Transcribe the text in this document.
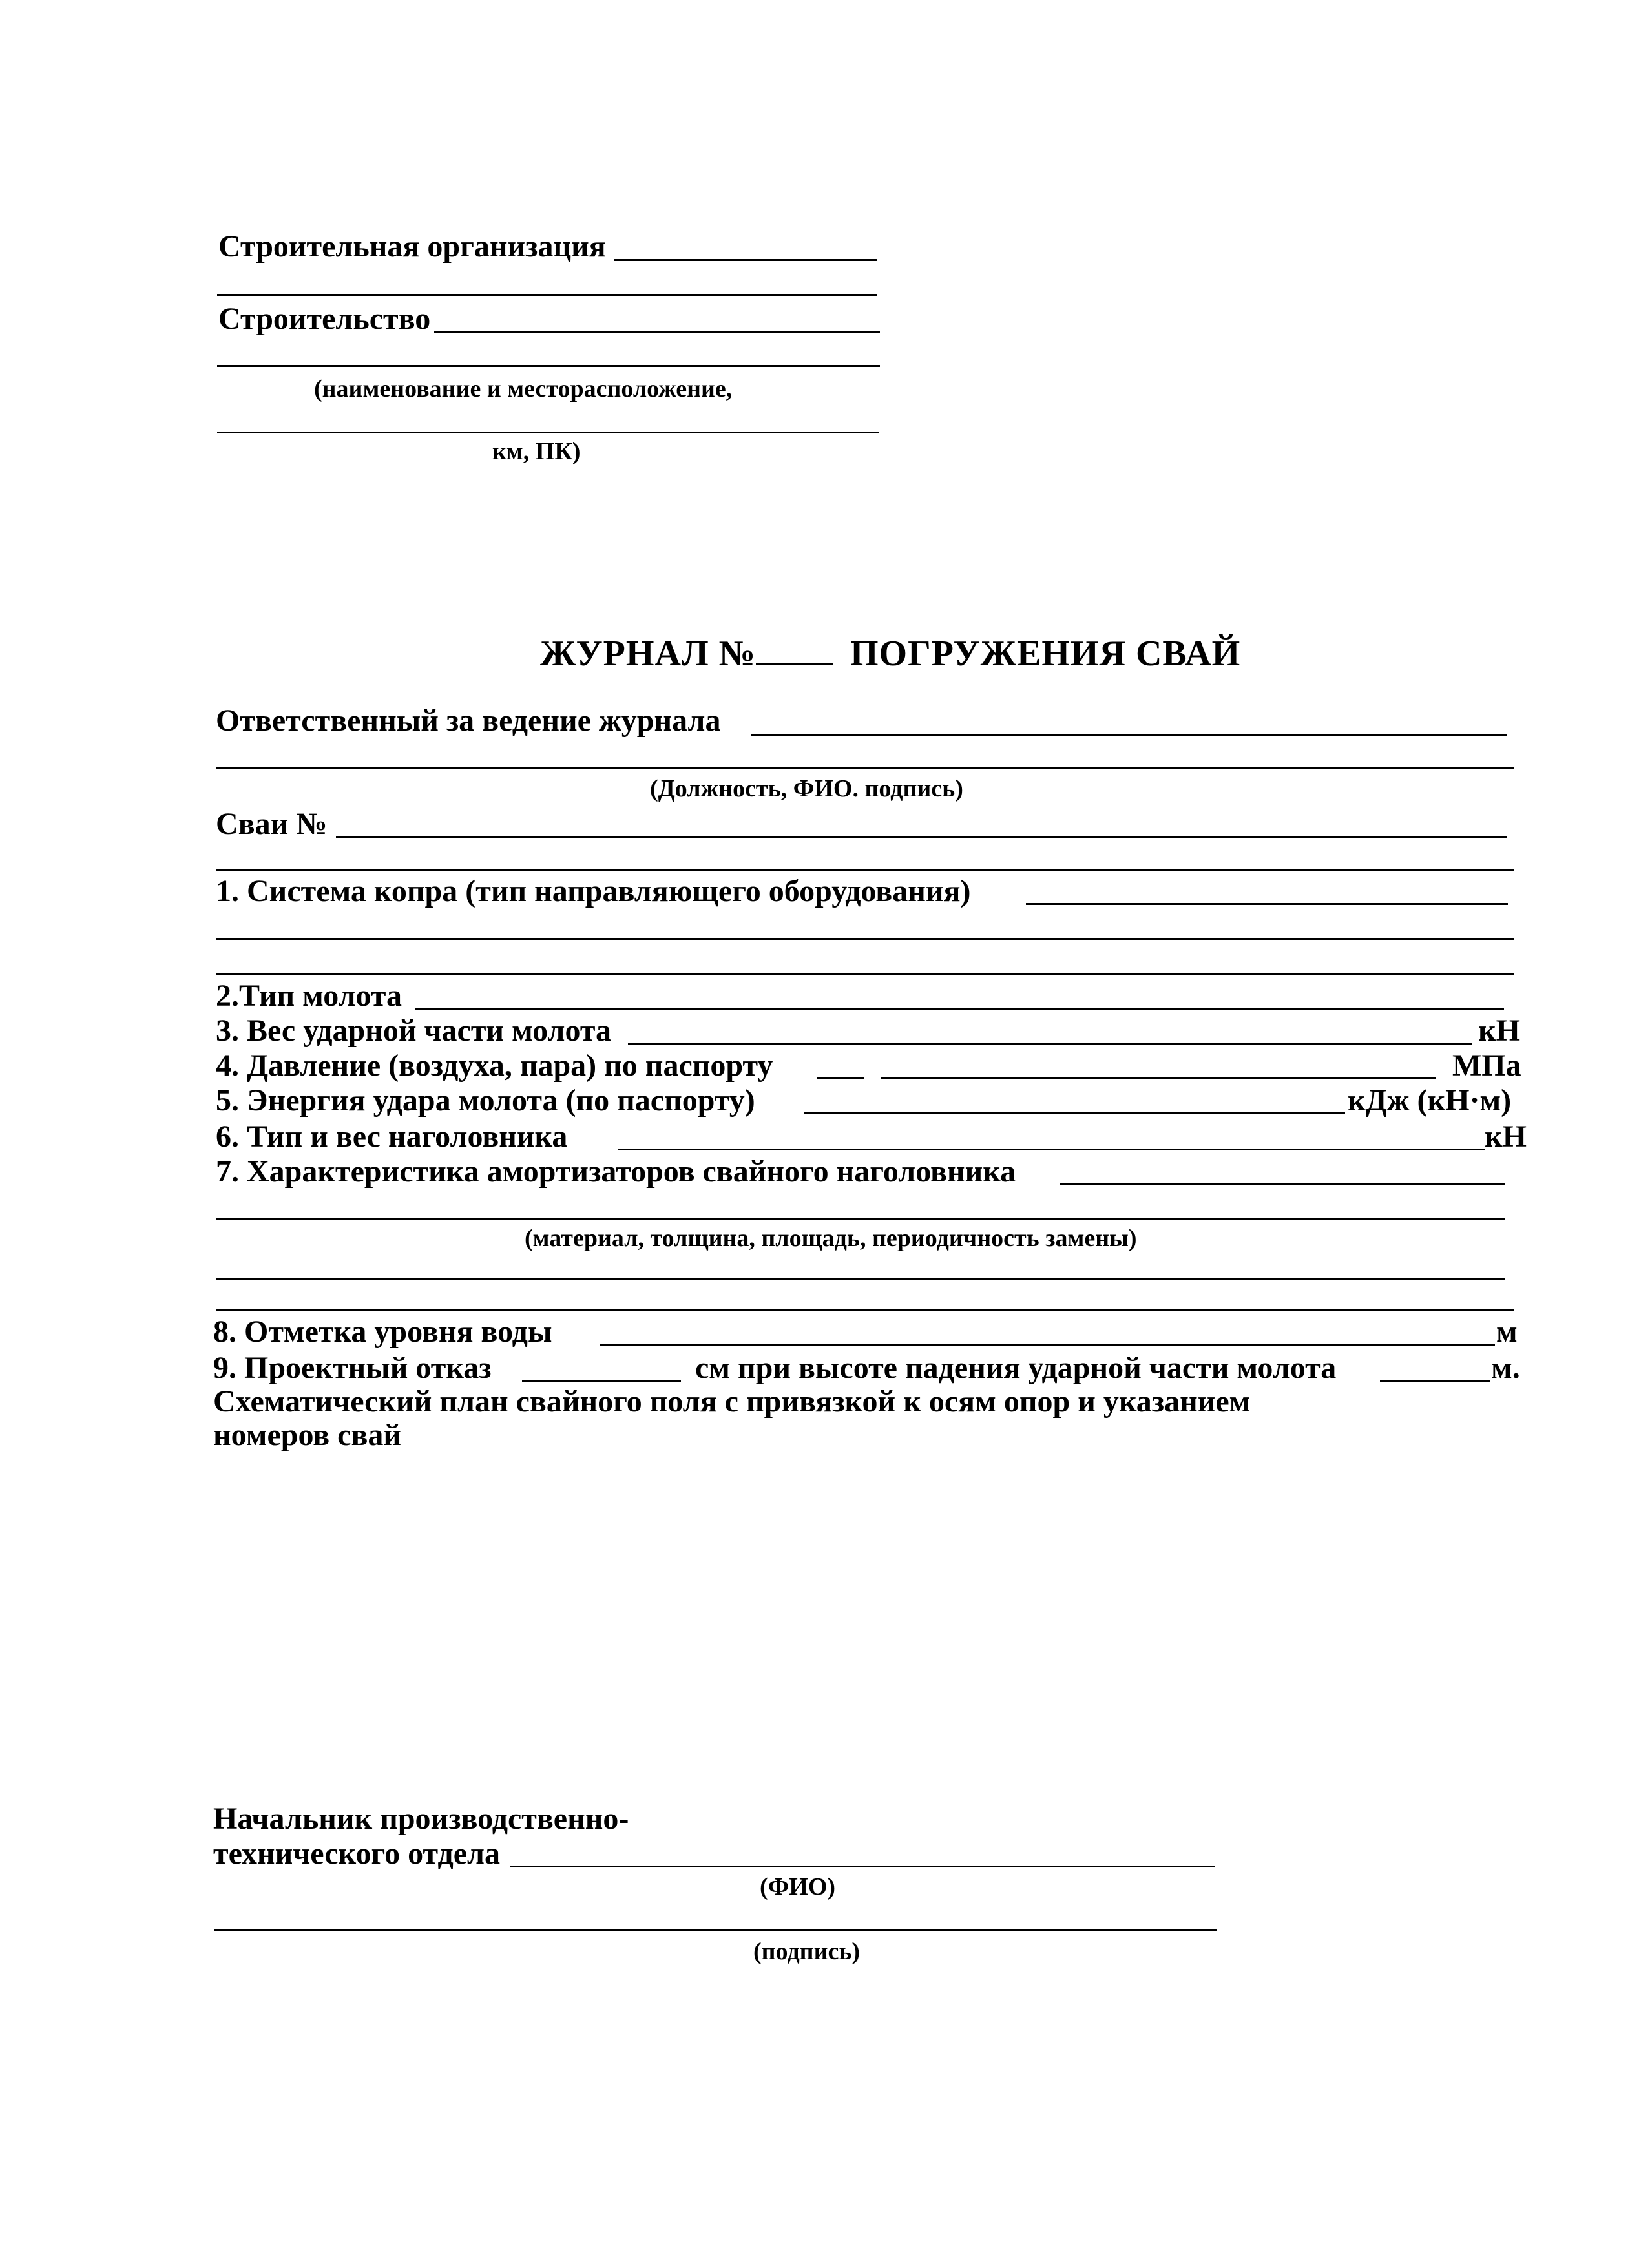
Строительная организация
Строительство
(наименование и месторасположение,
км, ПК)
ЖУРНАЛ №	ПОГРУЖЕНИЯ СВАЙ
Ответственный за ведение журнала
(Должность, ФИО. подпись)
Сваи №
1. Система копра (тип направляющего оборудования)
2.Тип молота
3. Вес ударной части молота	кН
4. Давление (воздуха, пара) по паспорту	МПа
5. Энергия удара молота (по паспорту)	кДж (кН·м)
6. Тип и вес наголовника	кН
7. Характеристика амортизаторов свайного наголовника
(материал, толщина, площадь, периодичность замены)
8. Отметка уровня воды	м
9. Проектный отказ	см при высоте падения ударной части молота	м.
Схематический план свайного поля с привязкой к осям опор и указанием
номеров свай
Начальник производственно-
технического отдела
(ФИО)
(подпись)
